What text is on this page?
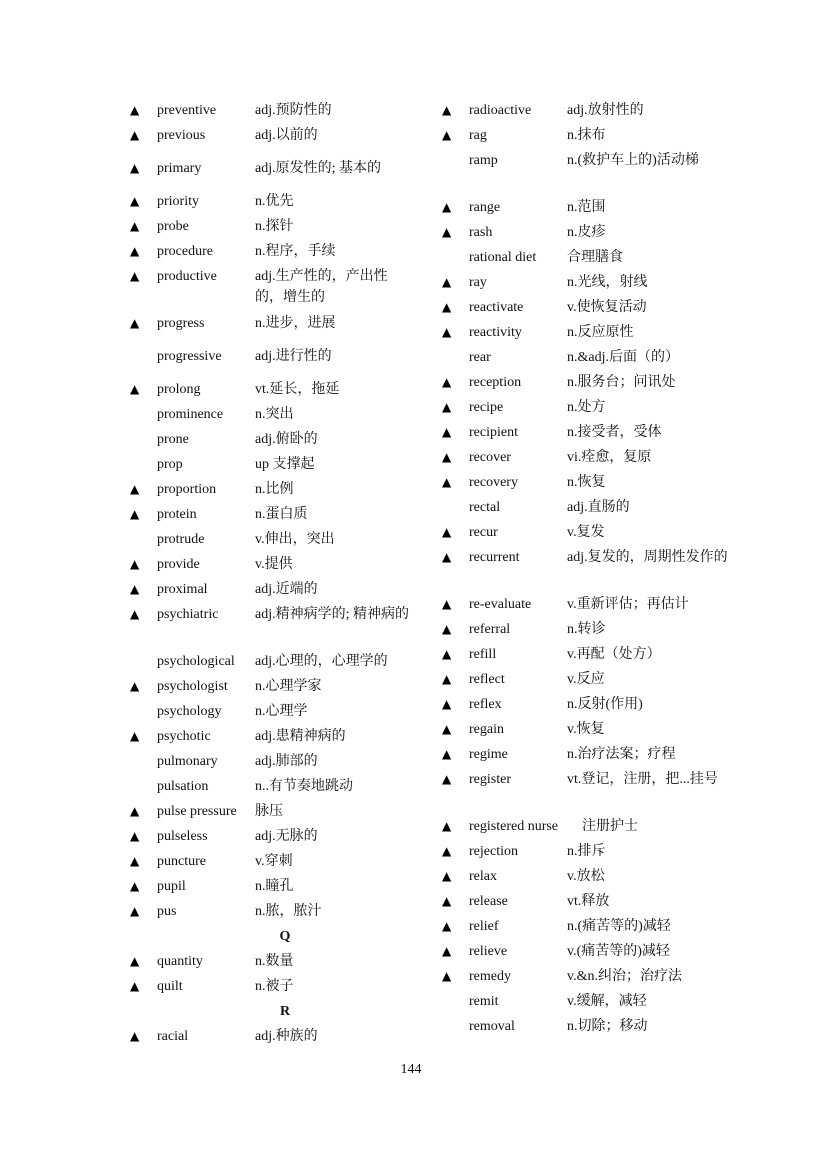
▲ preventive	adj.预防性的
▲ previous	adj.以前的
▲ primary	adj.原发性的; 基本的
▲ priority	n.优先
▲ probe	n.探针
▲ procedure	n.程序，手续
▲ productive	adj.生产性的，产出性的，增生的
▲ progress	n.进步，进展
progressive adj.进行性的
▲ prolong	vt.延长，拖延
prominence n.突出
prone	adj.俯卧的
prop	up 支撑起
▲ proportion	n.比例
▲ protein	n.蛋白质
protrude	v.伸出，突出
▲ provide	v.提供
▲ proximal	adj.近端的
▲ psychiatric	adj.精神病学的; 精神病的
psychological adj.心理的，心理学的
▲ psychologist n.心理学家
psychology n.心理学
▲ psychotic	adj.患精神病的
pulmonary	adj.肺部的
pulsation	n..有节奏地跳动
▲ pulse pressure 脉压
▲ pulseless	adj.无脉的
▲ puncture	v.穿刺
▲ pupil	n.瞳孔
▲ pus	n.脓，脓汁
Q
▲ quantity	n.数量
▲ quilt	n.被子
R
▲ racial	adj.种族的
▲ radioactive	adj.放射性的
▲ rag	n.抹布
ramp	n.(救护车上的)活动梯
▲ range	n.范围
▲ rash	n.皮疹
rational diet 合理膳食
▲ ray	n.光线，射线
▲ reactivate	v.使恢复活动
▲ reactivity	n.反应原性
rear	n.&adj.后面（的）
▲ reception	n.服务台；问讯处
▲ recipe	n.处方
▲ recipient	n.接受者，受体
▲ recover	vi.痊愈，复原
▲ recovery	n.恢复
rectal	adj.直肠的
▲ recur	v.复发
▲ recurrent	adj.复发的，周期性发作的
▲ re-evaluate	v.重新评估；再估计
▲ referral	n.转诊
▲ refill	v.再配（处方）
▲ reflect	v.反应
▲ reflex	n.反射(作用)
▲ regain	v.恢复
▲ regime	n.治疗法案；疗程
▲ register	vt.登记，注册，把...挂号
▲ registered nurse 注册护士
▲ rejection	n.排斥
▲ relax	v.放松
▲ release	vt.释放
▲ relief	n.(痛苦等的)减轻
▲ relieve	v.(痛苦等的)减轻
▲ remedy	v.&n.纠治；治疗法
remit	v.缓解，减轻
removal	n.切除；移动
144
